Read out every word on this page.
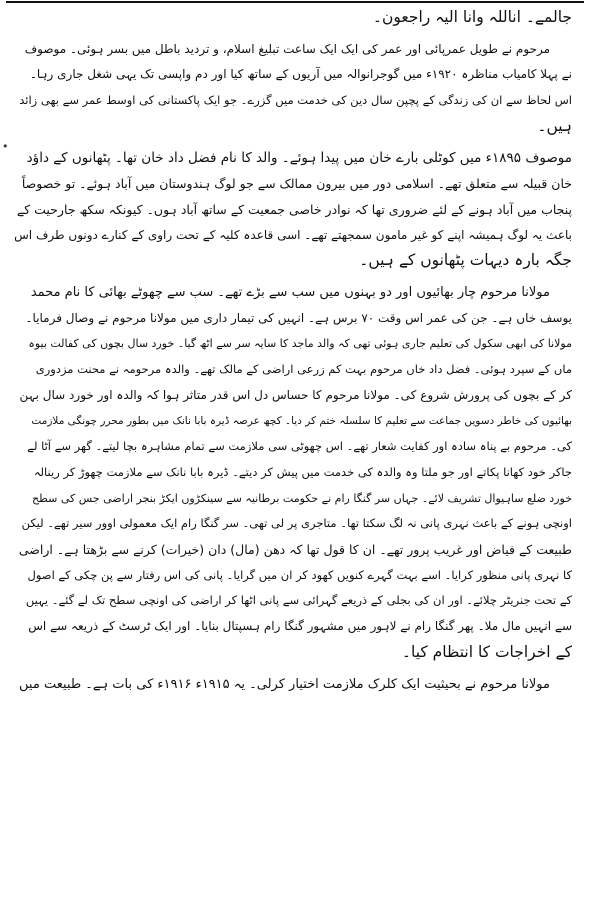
•
جالمے۔ اناللہ وانا الیہ راجعون۔
مرحوم نے طویل عمرپائی اور عمر کی ایک ایک ساعت تبلیغ اسلام، و تردید باطل میں بسر ہوئی۔ موصوف
نے پہلا کامیاب مناظرہ ۱۹۲۰ء میں گوجرانوالہ میں آریوں کے ساتھ کیا اور دم واپسی تک یہی شغل جاری رہا۔
اس لحاظ سے ان کی زندگی کے پچپن سال دین کی خدمت میں گزرے۔ جو ایک پاکستانی کی اوسط عمر سے بھی زائد
ہیں۔
موصوف ۱۸۹۵ء میں کوٹلی بارے خان میں پیدا ہوئے۔ والد کا نام فضل داد خان تھا۔ پٹھانوں کے داؤد
خان قبیلہ سے متعلق تھے۔ اسلامی دور میں بیرون ممالک سے جو لوگ ہندوستان میں آباد ہوئے۔ تو خصوصاً
پنجاب میں آباد ہونے کے لئے ضروری تھا کہ نوادر خاصی جمعیت کے ساتھ آباد ہوں۔ کیونکہ سکھ جارحیت کے
باعث یہ لوگ ہمیشہ اپنے کو غیر مامون سمجھتے تھے۔ اسی قاعدہ کلیہ کے تحت راوی کے کنارے دونوں طرف اس
جگہ بارہ دیہات پٹھانوں کے ہیں۔
مولانا مرحوم چار بھائیوں اور دو بہنوں میں سب سے بڑے تھے۔ سب سے چھوٹے بھائی کا نام محمد
یوسف خاں ہے۔ جن کی عمر اس وقت ۷۰ برس ہے۔ انہیں کی تیمار داری میں مولانا مرحوم نے وصال فرمایا۔
مولانا کی ابھی سکول کی تعلیم جاری ہوئی تھی کہ والد ماجد کا سایہ سر سے اٹھ گیا۔ خورد سال بچوں کی کفالت بیوہ
ماں کے سپرد ہوئی۔ فضل داد خاں مرحوم بہت کم زرعی اراضی کے مالک تھے۔ والدہ مرحومہ نے محنت مزدوری
کر کے بچوں کی پرورش شروع کی۔ مولانا مرحوم کا حساس دل اس قدر متاثر ہوا کہ والدہ اور خورد سال بہن
بھائیوں کی خاطر دسویں جماعت سے تعلیم کا سلسلہ ختم کر دیا۔ کچھ عرصہ ڈیرہ بابا نانک میں بطور محرر چونگی ملازمت
کی۔ مرحوم بے پناہ سادہ اور کفایت شعار تھے۔ اس چھوٹی سی ملازمت سے تمام مشاہرہ بچا لیتے۔ گھر سے آٹا لے
جاکر خود کھانا پکاتے اور جو ملتا وہ والدہ کی خدمت میں پیش کر دیتے۔ ڈیرہ بابا نانک سے ملازمت چھوڑ کر رینالہ
خورد ضلع ساہیوال تشریف لائے۔ جہاں سر گنگا رام نے حکومت برطانیہ سے سینکڑوں ایکڑ بنجر اراضی جس کی سطح
اونچی ہونے کے باعث نہری پانی نہ لگ سکتا تھا۔ متاجری پر لی تھی۔ سر گنگا رام ایک معمولی اوور سیر تھے۔ لیکن
طبیعت کے فیاض اور غریب پرور تھے۔ ان کا قول تھا کہ دھن (مال) دان (خیرات) کرنے سے بڑھتا ہے۔ اراضی
کا نہری پانی منظور کرایا۔ اسے بہت گہرے کنویں کھود کر ان میں گرایا۔ پانی کی اس رفتار سے پن چکی کے اصول
کے تحت جنریٹر چلائے۔ اور ان کی بجلی کے ذریعے گہرائی سے پانی اٹھا کر اراضی کی اونچی سطح تک لے گئے۔ یہیں
سے انہیں مال ملا۔ پھر گنگا رام نے لاہور میں مشہور گنگا رام ہسپتال بنایا۔ اور ایک ٹرسٹ کے ذریعہ سے اس
کے اخراجات کا انتظام کیا۔
مولانا مرحوم نے بحیثیت ایک کلرک ملازمت اختیار کرلی۔ یہ ۱۹۱۵ء ۱۹۱۶ء کی بات ہے۔ طبیعت میں
